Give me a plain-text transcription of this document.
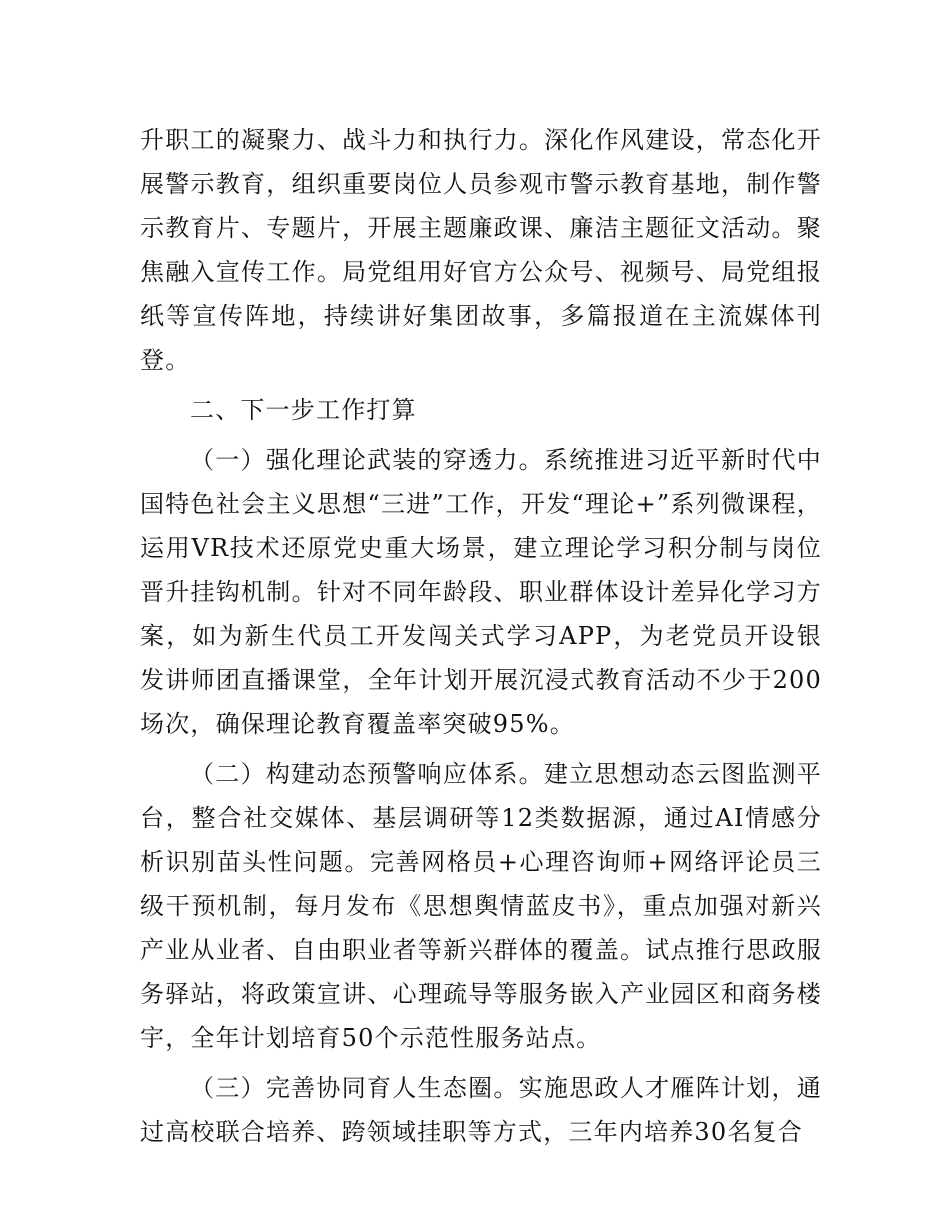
升职工的凝聚力、战斗力和执行力。深化作风建设，常态化开展警示教育，组织重要岗位人员参观市警示教育基地，制作警示教育片、专题片，开展主题廉政课、廉洁主题征文活动。聚焦融入宣传工作。局党组用好官方公众号、视频号、局党组报纸等宣传阵地，持续讲好集团故事，多篇报道在主流媒体刊登。

二、下一步工作打算

（一）强化理论武装的穿透力。系统推进习近平新时代中国特色社会主义思想“三进”工作，开发“理论+”系列微课程，运用VR技术还原党史重大场景，建立理论学习积分制与岗位晋升挂钩机制。针对不同年龄段、职业群体设计差异化学习方案，如为新生代员工开发闯关式学习APP，为老党员开设银发讲师团直播课堂，全年计划开展沉浸式教育活动不少于200场次，确保理论教育覆盖率突破95%。

（二）构建动态预警响应体系。建立思想动态云图监测平台，整合社交媒体、基层调研等12类数据源，通过AI情感分析识别苗头性问题。完善网格员+心理咨询师+网络评论员三级干预机制，每月发布《思想舆情蓝皮书》，重点加强对新兴产业从业者、自由职业者等新兴群体的覆盖。试点推行思政服务驿站，将政策宣讲、心理疏导等服务嵌入产业园区和商务楼宇，全年计划培育50个示范性服务站点。

（三）完善协同育人生态圈。实施思政人才雁阵计划，通过高校联合培养、跨领域挂职等方式，三年内培养30名复合
